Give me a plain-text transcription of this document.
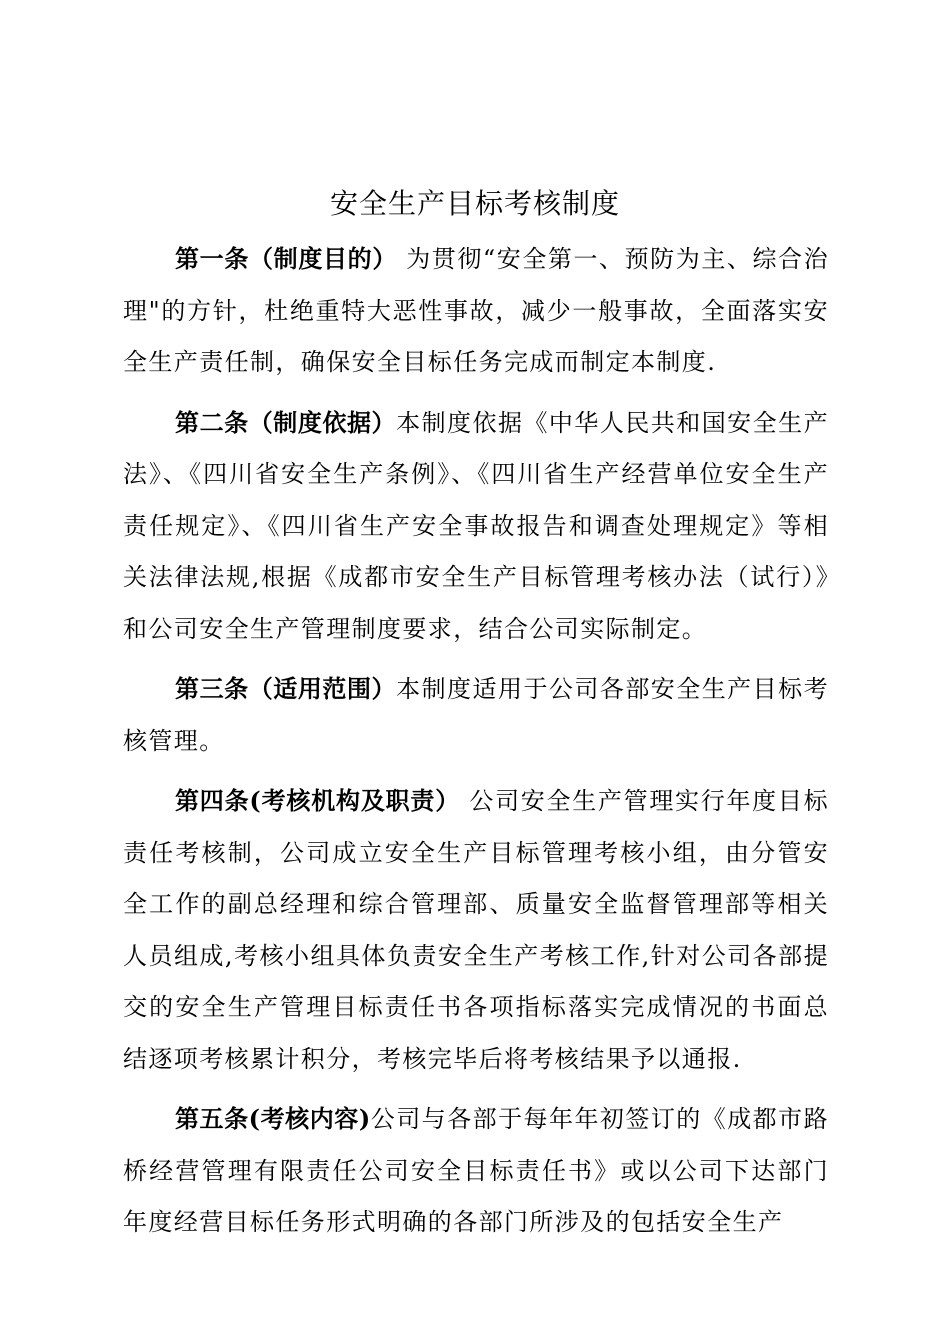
安全生产目标考核制度

第一条（制度目的） 为贯彻“安全第一、预防为主、综合治理"的方针，杜绝重特大恶性事故，减少一般事故，全面落实安全生产责任制，确保安全目标任务完成而制定本制度.

第二条（制度依据）本制度依据《中华人民共和国安全生产法》、《四川省安全生产条例》、《四川省生产经营单位安全生产责任规定》、《四川省生产安全事故报告和调查处理规定》等相关法律法规,根据《成都市安全生产目标管理考核办法（试行）》和公司安全生产管理制度要求，结合公司实际制定。

第三条（适用范围）本制度适用于公司各部安全生产目标考核管理。

第四条(考核机构及职责） 公司安全生产管理实行年度目标责任考核制，公司成立安全生产目标管理考核小组，由分管安全工作的副总经理和综合管理部、质量安全监督管理部等相关人员组成,考核小组具体负责安全生产考核工作,针对公司各部提交的安全生产管理目标责任书各项指标落实完成情况的书面总结逐项考核累计积分，考核完毕后将考核结果予以通报.

第五条(考核内容)公司与各部于每年年初签订的《成都市路桥经营管理有限责任公司安全目标责任书》或以公司下达部门年度经营目标任务形式明确的各部门所涉及的包括安全生产
